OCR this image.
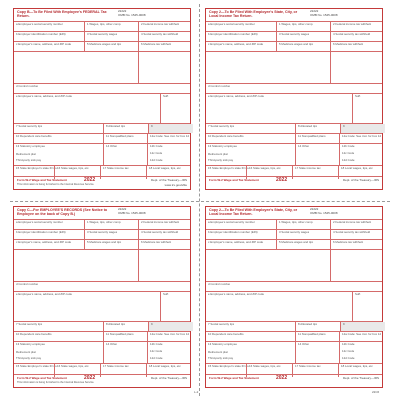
Copy B—To Be Filed With Employee's FEDERAL Tax Return.
22222
OMB No. 1545-0008
a Employee's social security number	1 Wages, tips, other comp.	2 Federal income tax withheld
b Employer identification number (EIN)	3 Social security wages	4 Social security tax withheld
c Employer's name, address, and ZIP code	5 Medicare wages and tips	6 Medicare tax withheld
d Control number
e Employee's name, address, and ZIP code	Suff.
7 Social security tips	8 Allocated tips	9
10 Dependent care benefits	11 Nonqualified plans	12a Code: See inst. for box 12
13 Statutory employee
Retirement plan
Third-party sick pay
14 Other	12b Code
12c Code
12d Code
15 State Employer's state ID no. 16 State wages, tips, etc.	17 State income tax	18 Local wages, tips, etc.
Form W-2 Wage and Tax Statement	2022	Dept. of the Treasury—IRS
This information is being furnished to the Internal Revenue Service.	www.irs.gov/efile
Copy 2—To Be Filed With Employee's State, City, or Local Income Tax Return.
22222
OMB No. 1545-0008
a Employee's social security number	1 Wages, tips, other comp.	2 Federal income tax withheld
b Employer identification number (EIN)	3 Social security wages	4 Social security tax withheld
c Employer's name, address, and ZIP code	5 Medicare wages and tips	6 Medicare tax withheld
d Control number
e Employee's name, address, and ZIP code	Suff.
7 Social security tips	8 Allocated tips	9
10 Dependent care benefits	11 Nonqualified plans	12a Code: See inst. for box 12
13 Statutory employee
Retirement plan
Third-party sick pay
14 Other	12b Code
12c Code
12d Code
15 State Employer's state ID no. 16 State wages, tips, etc.	17 State income tax	18 Local wages, tips, etc.
Form W-2 Wage and Tax Statement	2022	Dept. of the Treasury—IRS
Copy C—For EMPLOYEE'S RECORDS (See Notice to Employee on the back of Copy B.)
22222
OMB No. 1545-0008
a Employee's social security number	1 Wages, tips, other comp.	2 Federal income tax withheld
b Employer identification number (EIN)	3 Social security wages	4 Social security tax withheld
c Employer's name, address, and ZIP code	5 Medicare wages and tips	6 Medicare tax withheld
d Control number
e Employee's name, address, and ZIP code	Suff.
7 Social security tips	8 Allocated tips	9
10 Dependent care benefits	11 Nonqualified plans	12a Code: See inst. for box 12
13 Statutory employee
Retirement plan
Third-party sick pay
14 Other	12b Code
12c Code
12d Code
15 State Employer's state ID no. 16 State wages, tips, etc.	17 State income tax	18 Local wages, tips, etc.
Form W-2 Wage and Tax Statement	2022	Dept. of the Treasury—IRS
This information is being furnished to the Internal Revenue Service.
Copy 2—To Be Filed With Employee's State, City, or Local Income Tax Return.
22222
OMB No. 1545-0008
a Employee's social security number	1 Wages, tips, other comp.	2 Federal income tax withheld
b Employer identification number (EIN)	3 Social security wages	4 Social security tax withheld
c Employer's name, address, and ZIP code	5 Medicare wages and tips	6 Medicare tax withheld
d Control number
e Employee's name, address, and ZIP code	Suff.
7 Social security tips	8 Allocated tips	9
10 Dependent care benefits	11 Nonqualified plans	12a Code: See inst. for box 12
13 Statutory employee
Retirement plan
Third-party sick pay
14 Other	12b Code
12c Code
12d Code
15 State Employer's state ID no. 16 State wages, tips, etc.	17 State income tax	18 Local wages, tips, etc.
Form W-2 Wage and Tax Statement	2022	Dept. of the Treasury—IRS
L-2	22C6
